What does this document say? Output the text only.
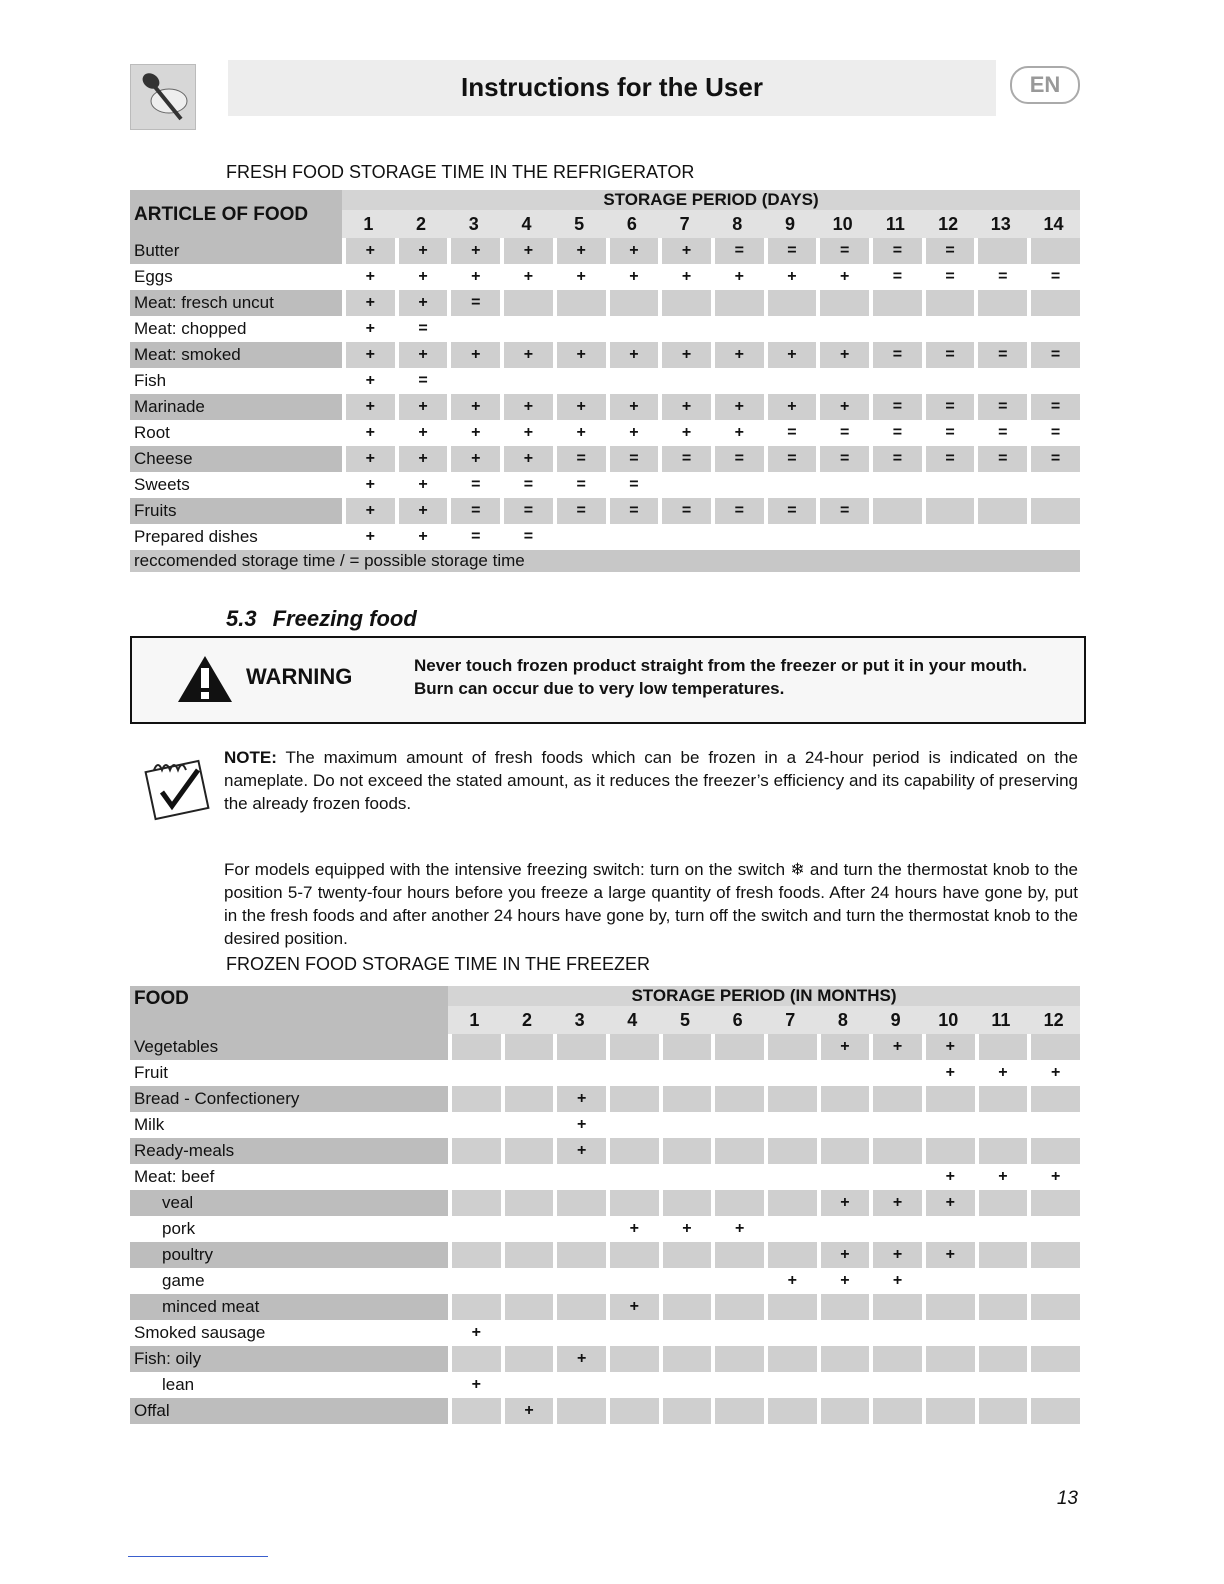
Instructions for the User	EN
FRESH FOOD STORAGE TIME IN THE REFRIGERATOR
ARTICLE OF FOOD	STORAGE PERIOD (DAYS)													
	1	2	3	4	5	6	7	8	9	10	11	12	13	14
Butter	+	+	+	+	+	+	+	=	=	=	=	=		
Eggs	+	+	+	+	+	+	+	+	+	+	=	=	=	=
Meat: fresch uncut	+	+	=											
Meat: chopped	+	=												
Meat: smoked	+	+	+	+	+	+	+	+	+	+	=	=	=	=
Fish	+	=												
Marinade	+	+	+	+	+	+	+	+	+	+	=	=	=	=
Root	+	+	+	+	+	+	+	+	=	=	=	=	=	=
Cheese	+	+	+	+	=	=	=	=	=	=	=	=	=	=
Sweets	+	+	=	=	=	=								
Fruits	+	+	=	=	=	=	=	=	=	=				
Prepared dishes	+	+	=	=										
reccomended storage time / = possible storage time														
5.3 Freezing food
WARNING	Never touch frozen product straight from the freezer or put it in your mouth.
Burn can occur due to very low temperatures.
NOTE: The maximum amount of fresh foods which can be frozen in a 24-hour period is indicated on the nameplate. Do not exceed the stated amount, as it reduces the freezer’s efficiency and its capability of preserving the already frozen foods.
For models equipped with the intensive freezing switch: turn on the switch ❄ and turn the thermostat knob to the position 5-7 twenty-four hours before you freeze a large quantity of fresh foods. After 24 hours have gone by, put in the fresh foods and after another 24 hours have gone by, turn off the switch and turn the thermostat knob to the desired position.
FROZEN FOOD STORAGE TIME IN THE FREEZER
FOOD	STORAGE PERIOD (IN MONTHS)											
	1	2	3	4	5	6	7	8	9	10	11	12
Vegetables								+	+	+		
Fruit										+	+	+
Bread - Confectionery			+									
Milk			+									
Ready-meals			+									
Meat: beef										+	+	+
veal								+	+	+		
pork				+	+	+						
poultry								+	+	+		
game							+	+	+			
minced meat				+								
Smoked sausage	+											
Fish: oily			+									
lean	+											
Offal		+										
13
